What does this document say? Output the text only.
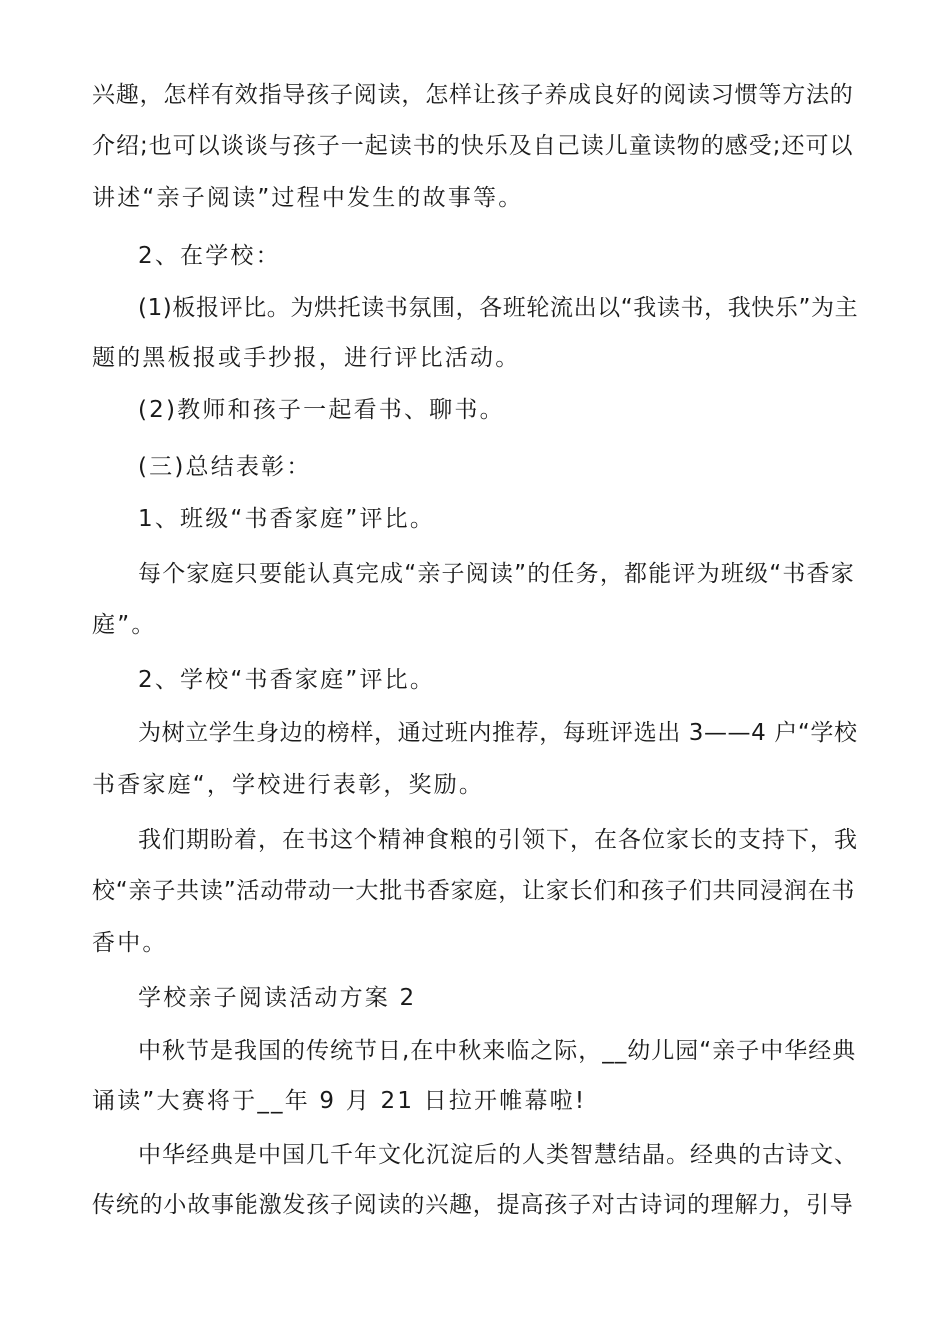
兴趣，怎样有效指导孩子阅读，怎样让孩子养成良好的阅读习惯等方法的
介绍;也可以谈谈与孩子一起读书的快乐及自己读儿童读物的感受;还可以
讲述“亲子阅读”过程中发生的故事等。
2、在学校：
(1)板报评比。为烘托读书氛围，各班轮流出以“我读书，我快乐”为主
题的黑板报或手抄报，进行评比活动。
(2)教师和孩子一起看书、聊书。
(三)总结表彰：
1、班级“书香家庭”评比。
每个家庭只要能认真完成“亲子阅读”的任务，都能评为班级“书香家
庭”。
2、学校“书香家庭”评比。
为树立学生身边的榜样，通过班内推荐，每班评选出 3——4 户“学校
书香家庭“，学校进行表彰，奖励。
我们期盼着，在书这个精神食粮的引领下，在各位家长的支持下，我
校“亲子共读”活动带动一大批书香家庭，让家长们和孩子们共同浸润在书
香中。
学校亲子阅读活动方案 2
中秋节是我国的传统节日,在中秋来临之际，__幼儿园“亲子中华经典
诵读”大赛将于__年 9 月 21 日拉开帷幕啦!
中华经典是中国几千年文化沉淀后的人类智慧结晶。经典的古诗文、
传统的小故事能激发孩子阅读的兴趣，提高孩子对古诗词的理解力，引导
